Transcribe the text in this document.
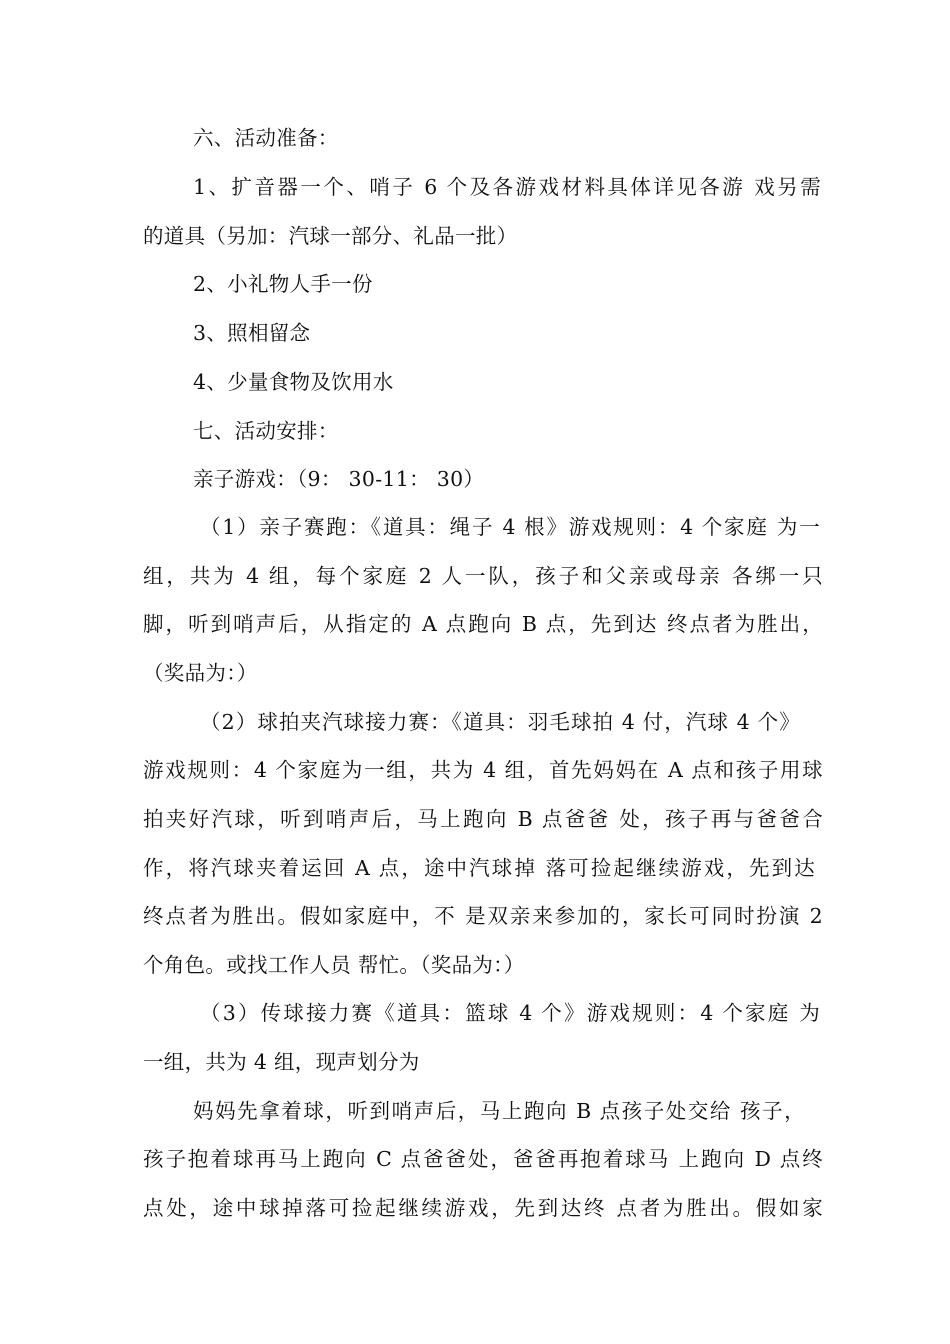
六、活动准备：
1、扩音器一个、哨子 6 个及各游戏材料具体详见各游 戏另需
的道具（另加：汽球一部分、礼品一批）
2、小礼物人手一份
3、照相留念
4、少量食物及饮用水
七、活动安排：
亲子游戏：（9： 30-11： 30）
（1）亲子赛跑：《道具：绳子 4 根》游戏规则：4 个家庭 为一
组，共为 4 组，每个家庭 2 人一队，孩子和父亲或母亲 各绑一只
脚，听到哨声后，从指定的 A 点跑向 B 点，先到达 终点者为胜出，
（奖品为：）
（2）球拍夹汽球接力赛：《道具：羽毛球拍 4 付，汽球 4 个》
游戏规则：4 个家庭为一组，共为 4 组，首先妈妈在 A 点和孩子用球
拍夹好汽球，听到哨声后，马上跑向 B 点爸爸 处，孩子再与爸爸合
作，将汽球夹着运回 A 点，途中汽球掉 落可捡起继续游戏，先到达
终点者为胜出。假如家庭中，不 是双亲来参加的，家长可同时扮演 2
个角色。或找工作人员 帮忙。（奖品为：）
（3）传球接力赛《道具：篮球 4 个》游戏规则：4 个家庭 为
一组，共为 4 组，现声划分为
妈妈先拿着球，听到哨声后，马上跑向 B 点孩子处交给 孩子，
孩子抱着球再马上跑向 C 点爸爸处，爸爸再抱着球马 上跑向 D 点终
点处，途中球掉落可捡起继续游戏，先到达终 点者为胜出。假如家
